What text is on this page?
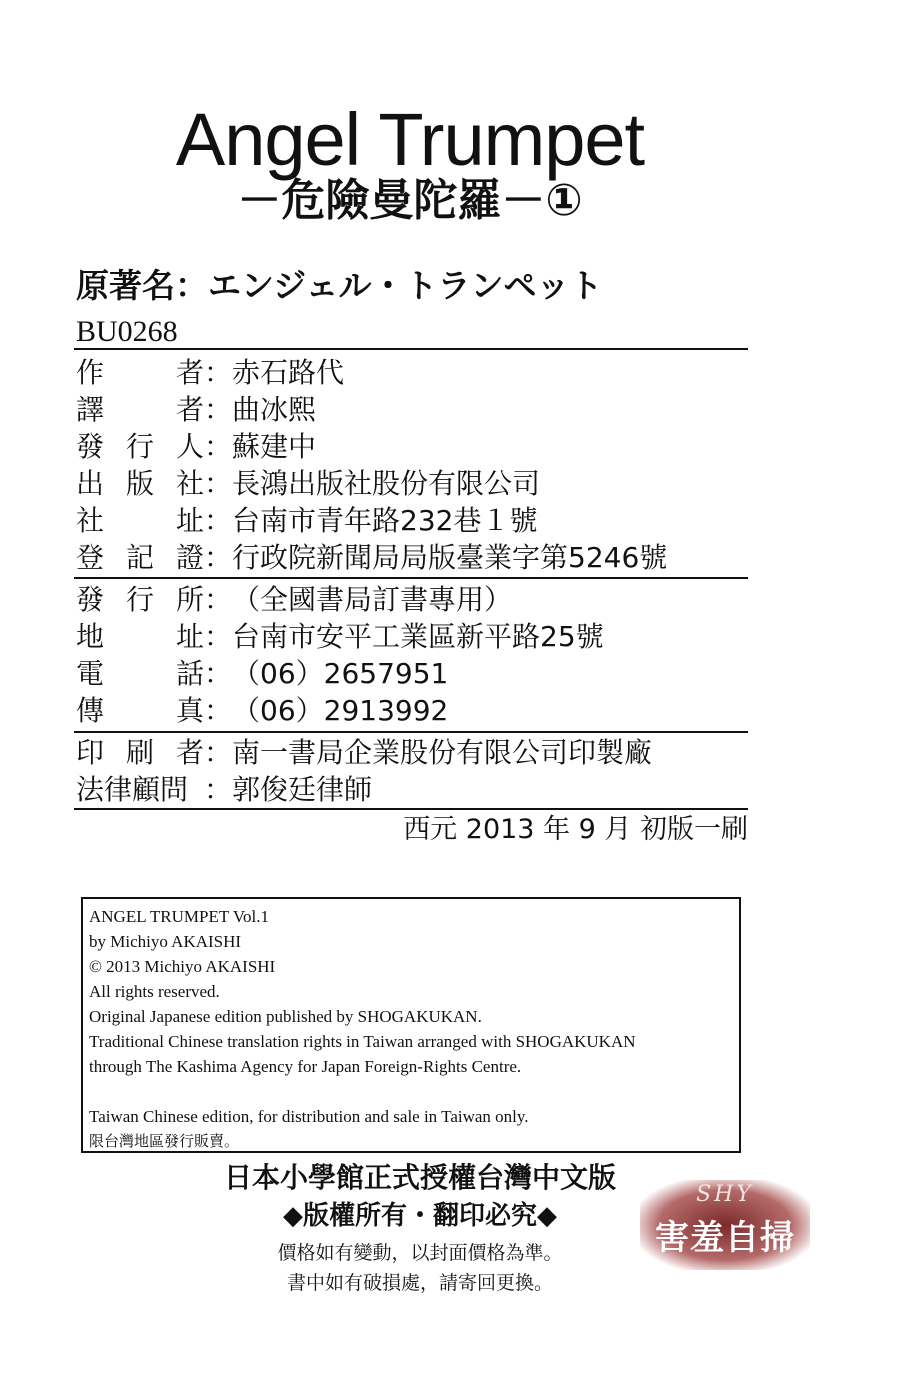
Angel Trumpet
－危險曼陀羅－①
原著名：エンジェル・トランペット
BU0268
作	者 ： 赤石路代
譯	者 ： 曲冰熙
發 行 人 ： 蘇建中
出 版 社 ： 長鴻出版社股份有限公司
社	址 ： 台南市青年路232巷１號
登 記 證 ： 行政院新聞局局版臺業字第5246號
發 行 所 ： （全國書局訂書專用）
地	址 ： 台南市安平工業區新平路25號
電	話 ： （06）2657951
傳	真 ： （06）2913992
印 刷 者 ： 南一書局企業股份有限公司印製廠
法律顧問 ： 郭俊廷律師
西元 2013 年 9 月 初版一刷
ANGEL TRUMPET Vol.1
by Michiyo AKAISHI
© 2013 Michiyo AKAISHI
All rights reserved.
Original Japanese edition published by SHOGAKUKAN.
Traditional Chinese translation rights in Taiwan arranged with SHOGAKUKAN
through The Kashima Agency for Japan Foreign-Rights Centre.
Taiwan Chinese edition, for distribution and sale in Taiwan only.
限台灣地區發行販賣。
日本小學館正式授權台灣中文版
◆版權所有・翻印必究◆
價格如有變動，以封面價格為準。
書中如有破損處，請寄回更換。
SHY
害羞自掃
